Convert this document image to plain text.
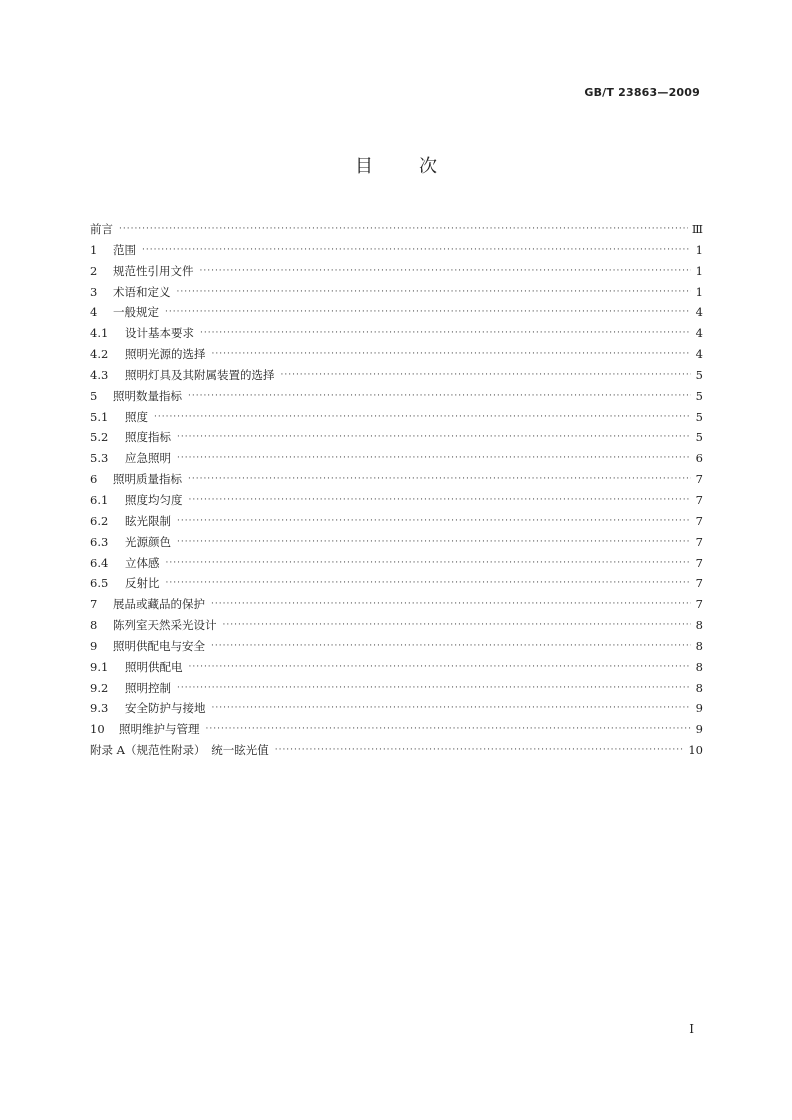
GB/T 23863—2009
目	次
前言 ·····	Ⅲ
1	范围 ·····	1
2	规范性引用文件 ·····	1
3	术语和定义 ·····	1
4	一般规定 ·····	4
4.1	设计基本要求 ·····	4
4.2	照明光源的选择 ·····	4
4.3	照明灯具及其附属装置的选择 ·····	5
5	照明数量指标 ·····	5
5.1	照度 ·····	5
5.2	照度指标 ·····	5
5.3	应急照明 ·····	6
6	照明质量指标 ·····	7
6.1	照度均匀度 ·····	7
6.2	眩光限制 ·····	7
6.3	光源颜色 ·····	7
6.4	立体感 ·····	7
6.5	反射比 ·····	7
7	展品或藏品的保护 ·····	7
8	陈列室天然采光设计 ·····	8
9	照明供配电与安全 ·····	8
9.1	照明供配电 ·····	8
9.2	照明控制 ·····	8
9.3	安全防护与接地 ·····	9
10	照明维护与管理 ·····	9
附录 A（规范性附录）　统一眩光值 ·····	10
I
